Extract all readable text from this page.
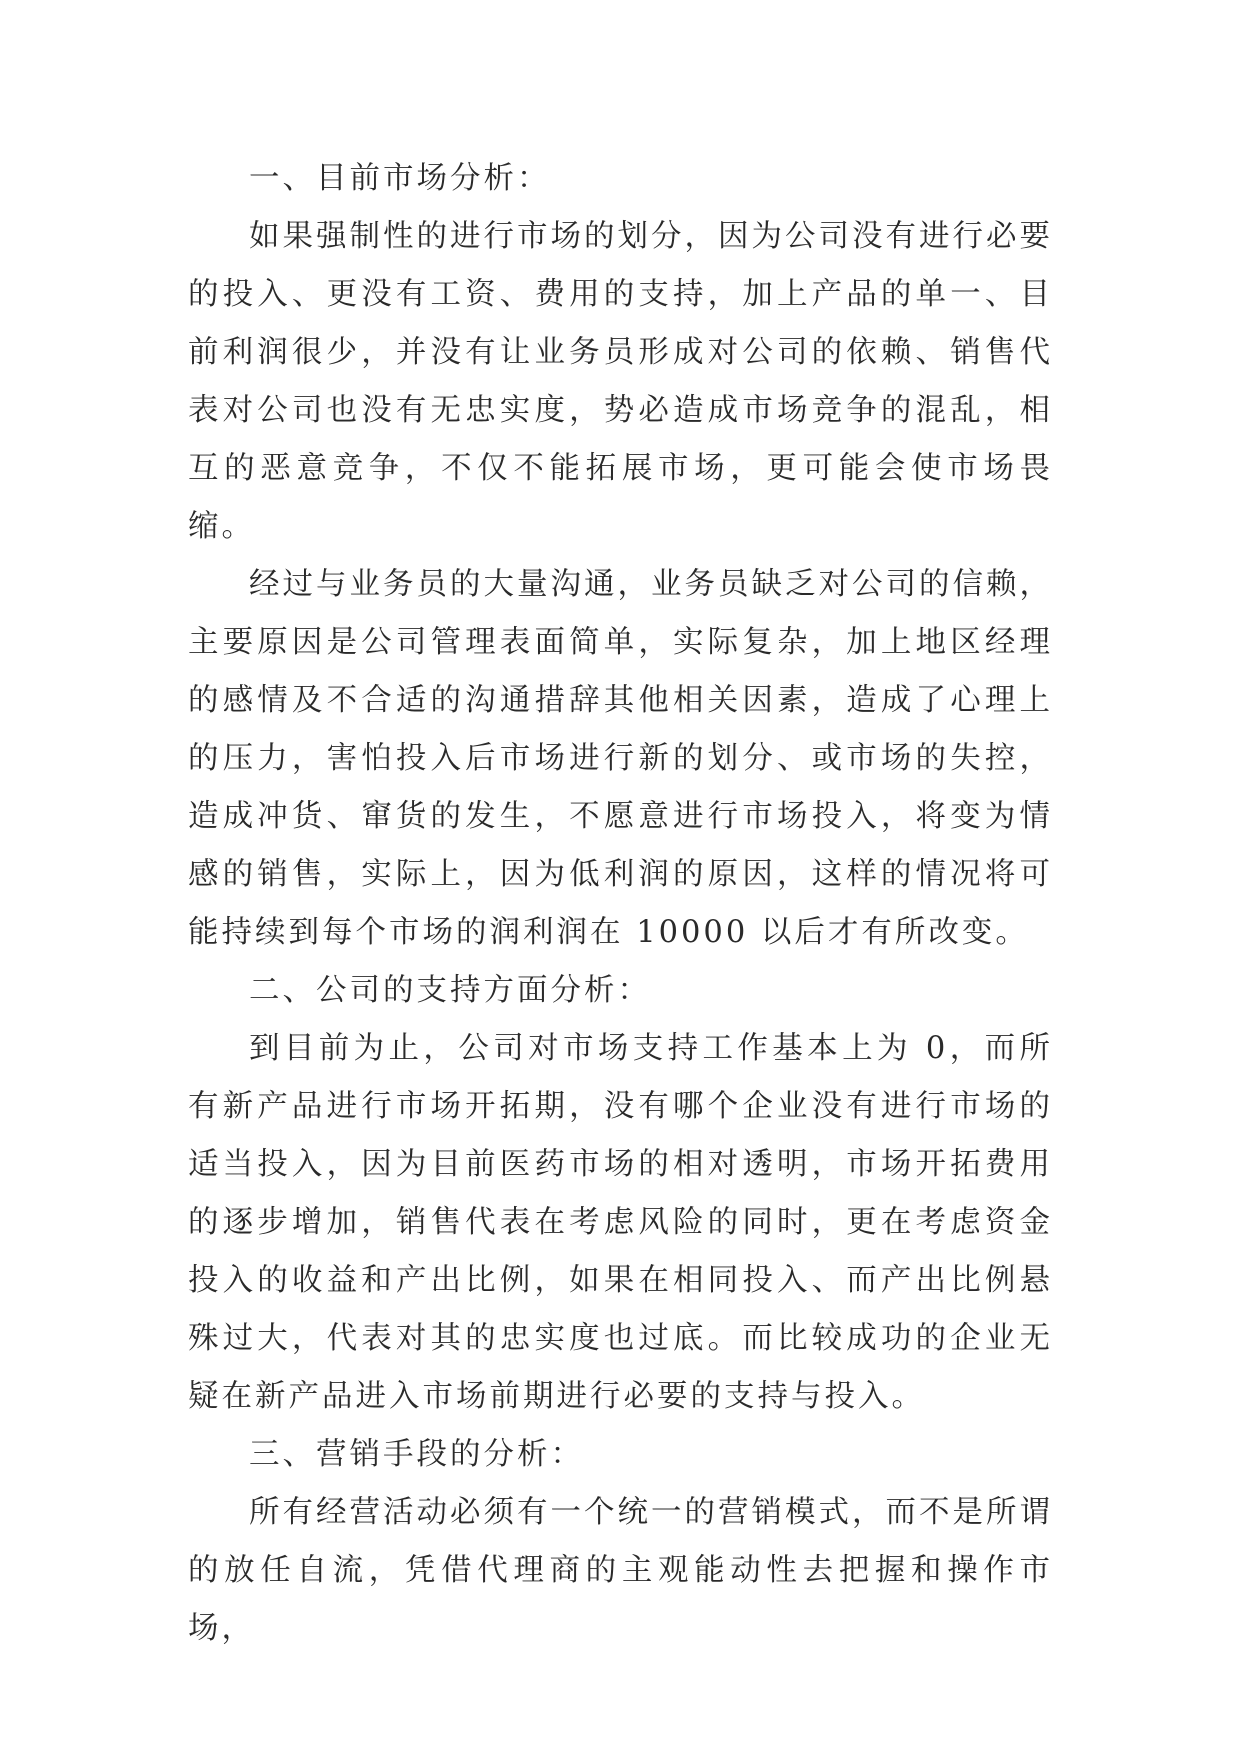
一、目前市场分析：

如果强制性的进行市场的划分，因为公司没有进行必要的投入、更没有工资、费用的支持，加上产品的单一、目前利润很少，并没有让业务员形成对公司的依赖、销售代表对公司也没有无忠实度，势必造成市场竞争的混乱，相互的恶意竞争，不仅不能拓展市场，更可能会使市场畏缩。

经过与业务员的大量沟通，业务员缺乏对公司的信赖，主要原因是公司管理表面简单，实际复杂，加上地区经理的感情及不合适的沟通措辞其他相关因素，造成了心理上的压力，害怕投入后市场进行新的划分、或市场的失控，造成冲货、窜货的发生，不愿意进行市场投入，将变为情感的销售，实际上，因为低利润的原因，这样的情况将可能持续到每个市场的润利润在 10000 以后才有所改变。

二、公司的支持方面分析：

到目前为止，公司对市场支持工作基本上为 0，而所有新产品进行市场开拓期，没有哪个企业没有进行市场的适当投入，因为目前医药市场的相对透明，市场开拓费用的逐步增加，销售代表在考虑风险的同时，更在考虑资金投入的收益和产出比例，如果在相同投入、而产出比例悬殊过大，代表对其的忠实度也过底。而比较成功的企业无疑在新产品进入市场前期进行必要的支持与投入。

三、营销手段的分析：

所有经营活动必须有一个统一的营销模式，而不是所谓的放任自流，凭借代理商的主观能动性去把握和操作市场，
